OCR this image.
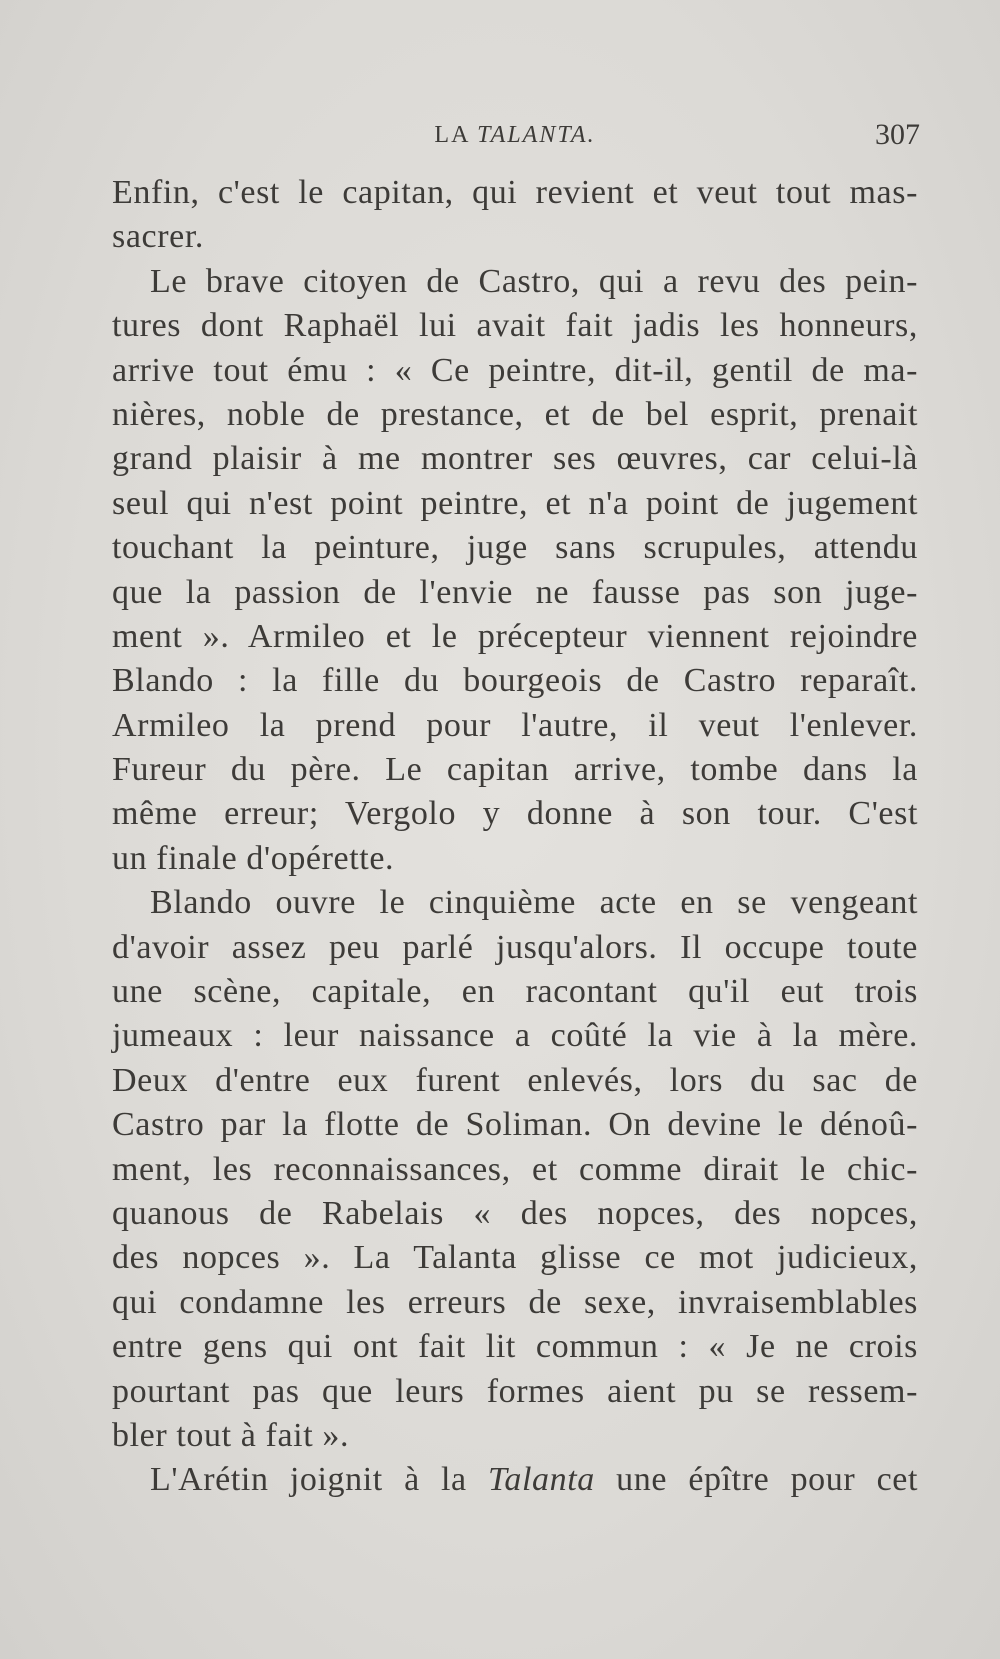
LA TALANTA.	307
Enfin, c'est le capitan, qui revient et veut tout mas-
sacrer.
Le brave citoyen de Castro, qui a revu des pein-
tures dont Raphaël lui avait fait jadis les honneurs,
arrive tout ému : « Ce peintre, dit-il, gentil de ma-
nières, noble de prestance, et de bel esprit, prenait
grand plaisir à me montrer ses œuvres, car celui-là
seul qui n'est point peintre, et n'a point de jugement
touchant la peinture, juge sans scrupules, attendu
que la passion de l'envie ne fausse pas son juge-
ment ». Armileo et le précepteur viennent rejoindre
Blando : la fille du bourgeois de Castro reparaît.
Armileo la prend pour l'autre, il veut l'enlever.
Fureur du père. Le capitan arrive, tombe dans la
même erreur; Vergolo y donne à son tour. C'est
un finale d'opérette.
Blando ouvre le cinquième acte en se vengeant
d'avoir assez peu parlé jusqu'alors. Il occupe toute
une scène, capitale, en racontant qu'il eut trois
jumeaux : leur naissance a coûté la vie à la mère.
Deux d'entre eux furent enlevés, lors du sac de
Castro par la flotte de Soliman. On devine le dénoû-
ment, les reconnaissances, et comme dirait le chic-
quanous de Rabelais « des nopces, des nopces,
des nopces ». La Talanta glisse ce mot judicieux,
qui condamne les erreurs de sexe, invraisemblables
entre gens qui ont fait lit commun : « Je ne crois
pourtant pas que leurs formes aient pu se ressem-
bler tout à fait ».
L'Arétin joignit à la Talanta une épître pour cet
